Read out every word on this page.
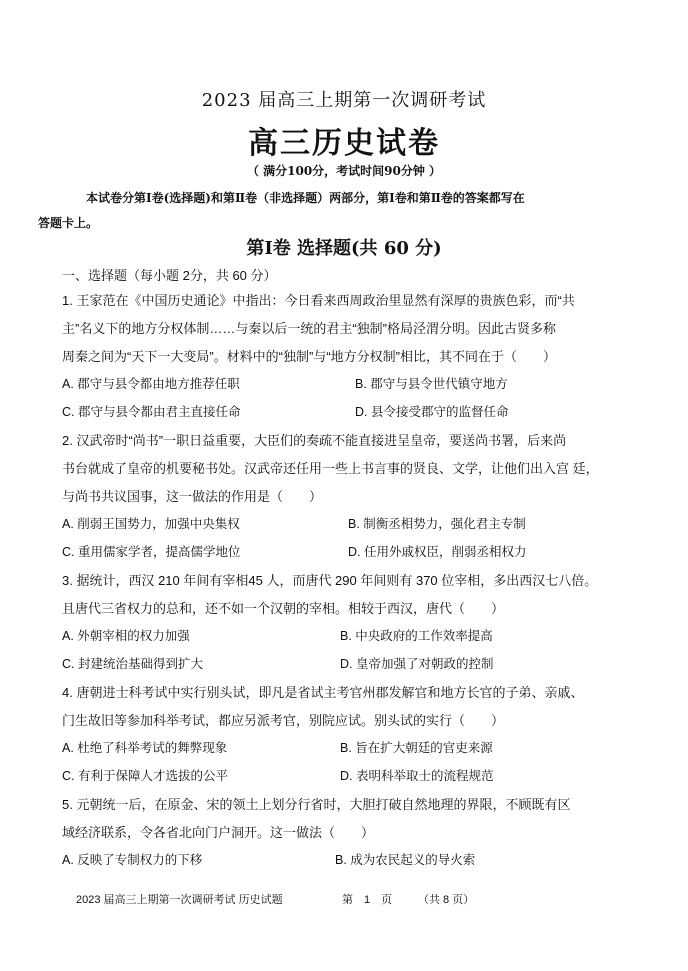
2023 届高三上期第一次调研考试
高三历史试卷
（ 满分100分，考试时间90分钟 ）
本试卷分第Ⅰ卷(选择题)和第Ⅱ卷（非选择题）两部分，第Ⅰ卷和第Ⅱ卷的答案都写在
答题卡上。
第Ⅰ卷 选择题(共 60 分)
一、选择题（每小题 2分，共 60 分）
1. 王家范在《中国历史通论》中指出：今日看来西周政治里显然有深厚的贵族色彩，而“共
主”名义下的地方分权体制……与秦以后一统的君主“独制”格局泾渭分明。因此古贤多称
周秦之间为“天下一大变局”。材料中的“独制”与“地方分权制”相比，其不同在于（　　）
A. 郡守与县令都由地方推荐任职	B. 郡守与县令世代镇守地方
C. 郡守与县令都由君主直接任命	D. 县令接受郡守的监督任命
2. 汉武帝时“尚书”一职日益重要，大臣们的奏疏不能直接进呈皇帝，要送尚书署，后来尚
书台就成了皇帝的机要秘书处。汉武帝还任用一些上书言事的贤良、文学，让他们出入宫 廷，
与尚书共议国事，这一做法的作用是（　　）
A. 削弱王国势力，加强中央集权	B. 制衡丞相势力，强化君主专制
C. 重用儒家学者，提高儒学地位	D. 任用外戚权臣，削弱丞相权力
3. 据统计，西汉 210 年间有宰相45 人，而唐代 290 年间则有 370 位宰相，多出西汉七八倍。
且唐代三省权力的总和，还不如一个汉朝的宰相。相较于西汉，唐代（　　）
A. 外朝宰相的权力加强	B. 中央政府的工作效率提高
C. 封建统治基础得到扩大	D. 皇帝加强了对朝政的控制
4. 唐朝进士科考试中实行别头试，即凡是省试主考官州郡发解官和地方长官的子弟、亲戚、
门生故旧等参加科举考试，都应另派考官，别院应试。别头试的实行（　　）
A. 杜绝了科举考试的舞弊现象	B. 旨在扩大朝廷的官吏来源
C. 有利于保障人才选拔的公平	D. 表明科举取士的流程规范
5. 元朝统一后，在原金、宋的领土上划分行省时，大胆打破自然地理的界限，不顾既有区
域经济联系，令各省北向门户洞开。这一做法（　　）
A. 反映了专制权力的下移	B. 成为农民起义的导火索
2023 届高三上期第一次调研考试 历史试题	第　1　页 （共 8 页）
